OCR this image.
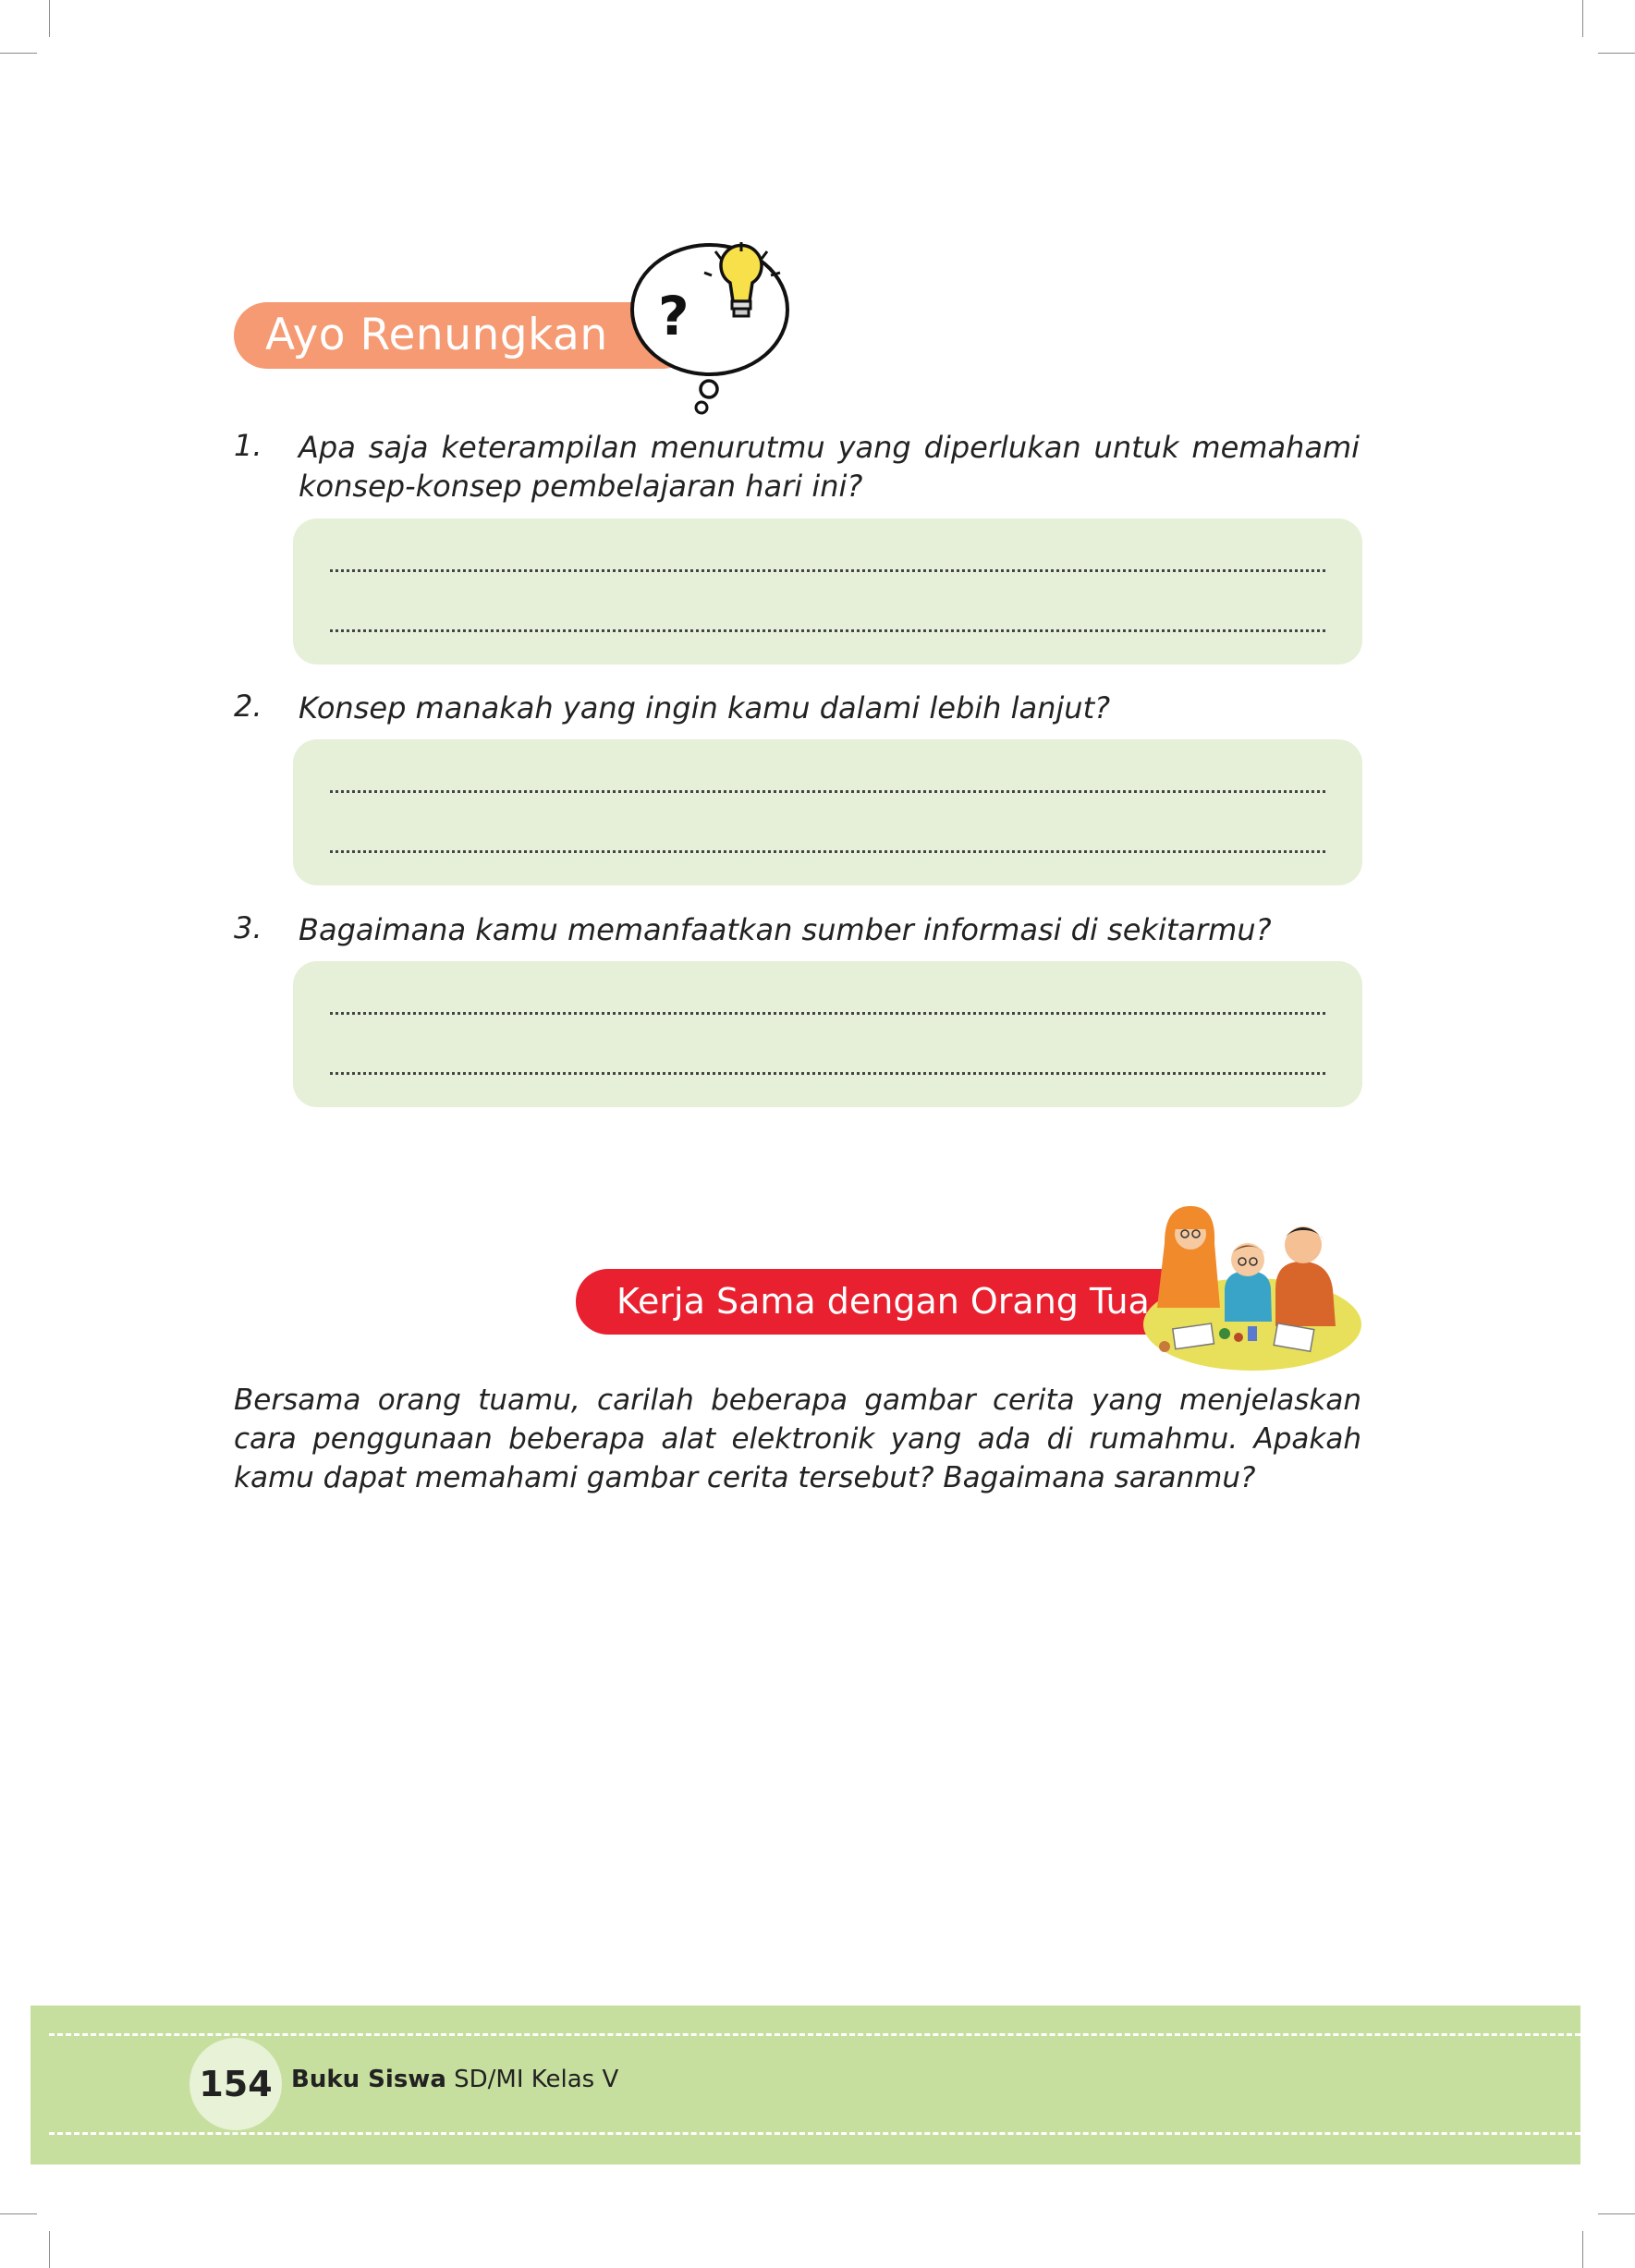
Ayo Renungkan ?
1. Apa saja keterampilan menurutmu yang diperlukan untuk memahami konsep-konsep pembelajaran hari ini?
2. Konsep manakah yang ingin kamu dalami lebih lanjut?
3. Bagaimana kamu memanfaatkan sumber informasi di sekitarmu?
Kerja Sama dengan Orang Tua
Bersama orang tuamu, carilah beberapa gambar cerita yang menjelaskan cara penggunaan beberapa alat elektronik yang ada di rumahmu. Apakah kamu dapat memahami gambar cerita tersebut? Bagaimana saranmu?
154 Buku Siswa SD/MI Kelas V
